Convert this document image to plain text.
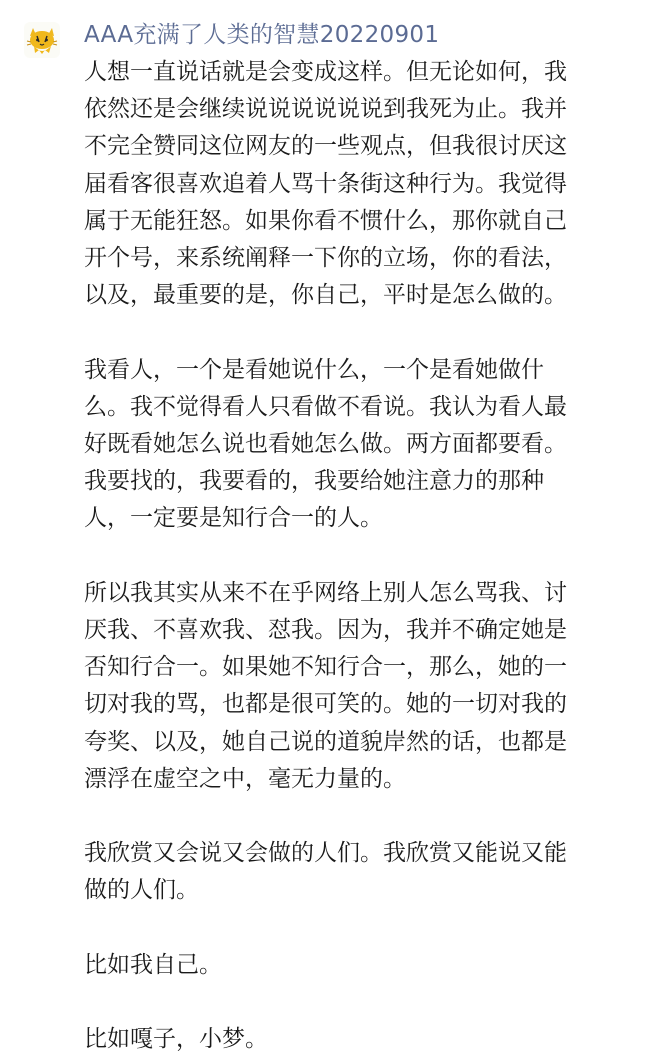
AAA充满了人类的智慧20220901

人想一直说话就是会变成这样。但无论如何，我
依然还是会继续说说说说说说到我死为止。我并
不完全赞同这位网友的一些观点，但我很讨厌这
届看客很喜欢追着人骂十条街这种行为。我觉得
属于无能狂怒。如果你看不惯什么，那你就自己
开个号，来系统阐释一下你的立场，你的看法，
以及，最重要的是，你自己，平时是怎么做的。

我看人，一个是看她说什么，一个是看她做什
么。我不觉得看人只看做不看说。我认为看人最
好既看她怎么说也看她怎么做。两方面都要看。
我要找的，我要看的，我要给她注意力的那种
人，一定要是知行合一的人。

所以我其实从来不在乎网络上别人怎么骂我、讨
厌我、不喜欢我、怼我。因为，我并不确定她是
否知行合一。如果她不知行合一，那么，她的一
切对我的骂，也都是很可笑的。她的一切对我的
夸奖、以及，她自己说的道貌岸然的话，也都是
漂浮在虚空之中，毫无力量的。

我欣赏又会说又会做的人们。我欣赏又能说又能
做的人们。

比如我自己。

比如嘎子，小梦。
